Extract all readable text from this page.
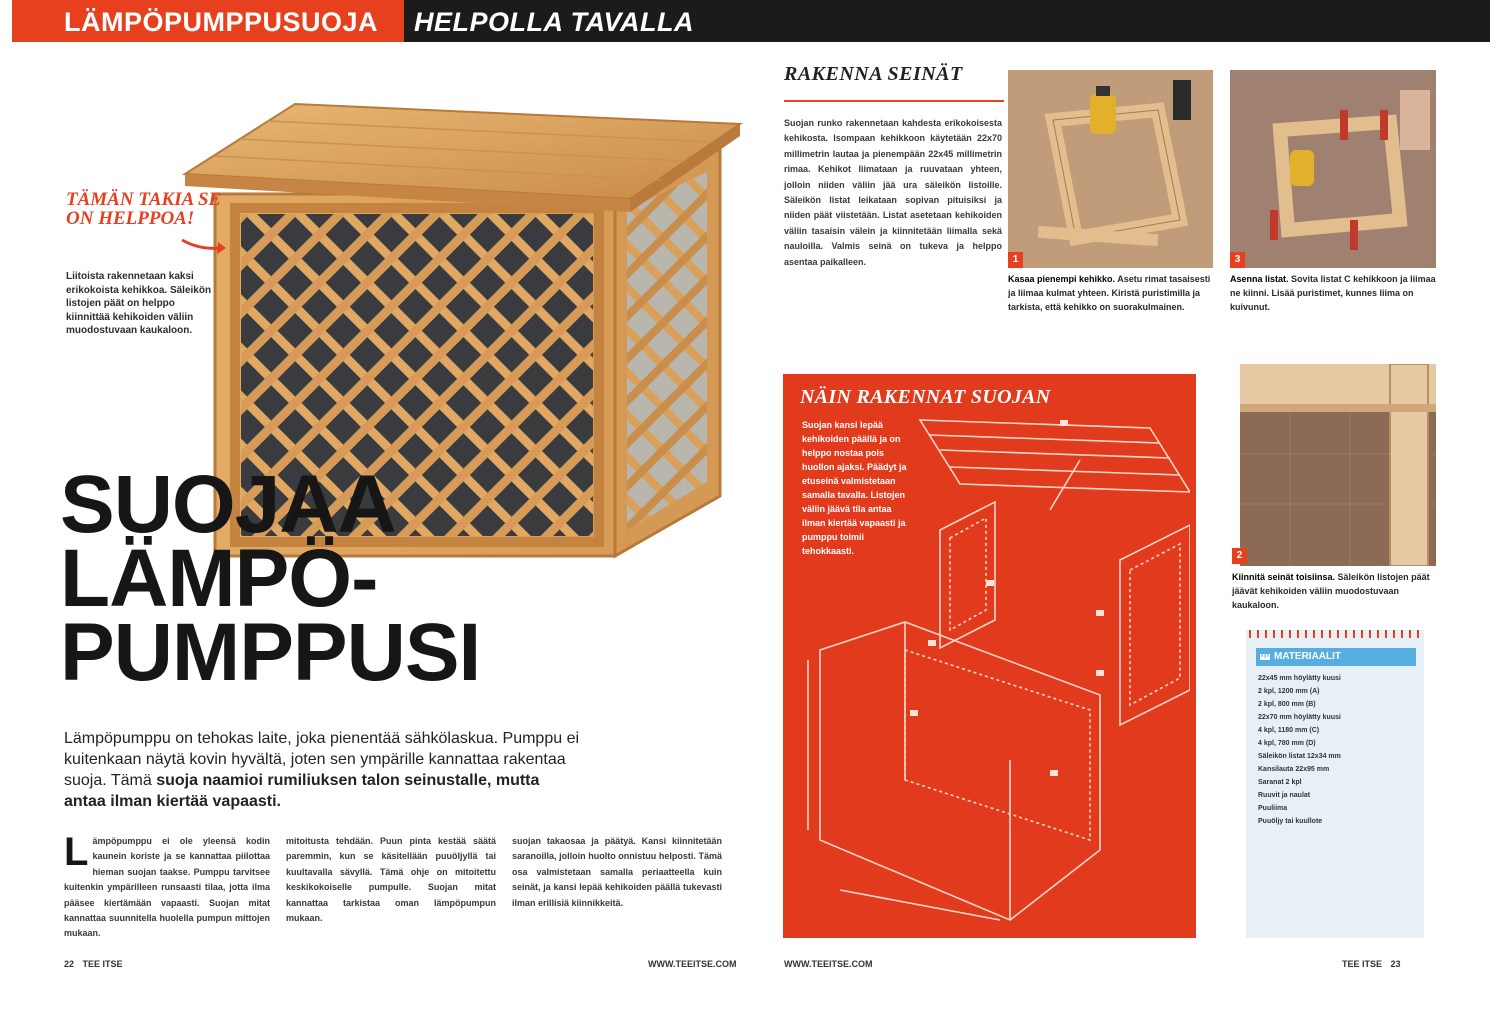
LÄMPÖPUMPPUSUOJA	HELPOLLA TAVALLA
TÄMÄN TAKIA SE ON HELPPOA!
Liitoista rakennetaan kaksi erikokoista kehikkoa. Säleikön listojen päät on helppo kiinnittää kehikoiden väliin muodostuvaan kaukaloon.
SUOJAA
LÄMPÖ-
PUMPPUSI
Lämpöpumppu on tehokas laite, joka pienentää sähkölaskua. Pumppu ei kuitenkaan näytä kovin hyvältä, joten sen ympärille kannattaa rakentaa suoja. Tämä suoja naamioi rumiliuksen talon seinustalle, mutta antaa ilman kiertää vapaasti.
L ämpöpumppu ei ole yleensä kodin kaunein koriste ja se kannattaa piilottaa hieman suojan taakse. Pumppu tarvitsee kuitenkin ympärilleen runsaasti tilaa, jotta ilma pääsee kiertämään vapaasti. Suojan mitat kannattaa suunnitella huolella pumpun mittojen mukaan.
mitoitusta tehdään. Puun pinta kestää säätä paremmin, kun se käsitellään puuöljyllä tai kuultavalla sävyllä. Tämä ohje on mitoitettu keskikokoiselle pumpulle. Suojan mitat kannattaa tarkistaa oman lämpöpumpun mukaan.
suojan takaosaa ja päätyä. Kansi kiinnitetään saranoilla, jolloin huolto onnistuu helposti. Tämä osa valmistetaan samalla periaatteella kuin seinät, ja kansi lepää kehikoiden päällä tukevasti ilman erillisiä kiinnikkeitä.
22 TEE ITSE	WWW.TEEITSE.COM
RAKENNA SEINÄT
Suojan runko rakennetaan kahdesta erikokoisesta kehikosta. Isompaan kehikkoon käytetään 22x70 millimetrin lautaa ja pienempään 22x45 millimetrin rimaa. Kehikot liimataan ja ruuvataan yhteen, jolloin niiden väliin jää ura säleikön listoille. Säleikön listat leikataan sopivan pituisiksi ja niiden päät viistetään. Listat asetetaan kehikoiden väliin tasaisin välein ja kiinnitetään liimalla sekä nauloilla. Valmis seinä on tukeva ja helppo asentaa paikalleen.	1	3
Kasaa pienempi kehikko. Asetu rimat tasaisesti ja liimaa kulmat yhteen. Kiristä puristimilla ja tarkista, että kehikko on suorakulmainen.
Asenna listat. Sovita listat C kehikkoon ja liimaa ne kiinni. Lisää puristimet, kunnes liima on kuivunut.
2
Kiinnitä seinät toisiinsa. Säleikön listojen päät jäävät kehikoiden väliin muodostuvaan kaukaloon.
NÄIN RAKENNAT SUOJAN
Suojan kansi lepää kehikoiden päällä ja on helppo nostaa pois huollon ajaksi. Päädyt ja etuseinä valmistetaan samalla tavalla. Listojen väliin jäävä tila antaa ilman kiertää vapaasti ja pumppu toimii tehokkaasti.
MATERIAALIT
22x45 mm höylätty kuusi
2 kpl, 1200 mm (A)
2 kpl, 800 mm (B)
22x70 mm höylätty kuusi
4 kpl, 1180 mm (C)
4 kpl, 780 mm (D)
Säleikön listat 12x34 mm
Kansilauta 22x95 mm
Saranat 2 kpl
Ruuvit ja naulat
Puuliima
Puuöljy tai kuullote
WWW.TEEITSE.COM	TEE ITSE 23
